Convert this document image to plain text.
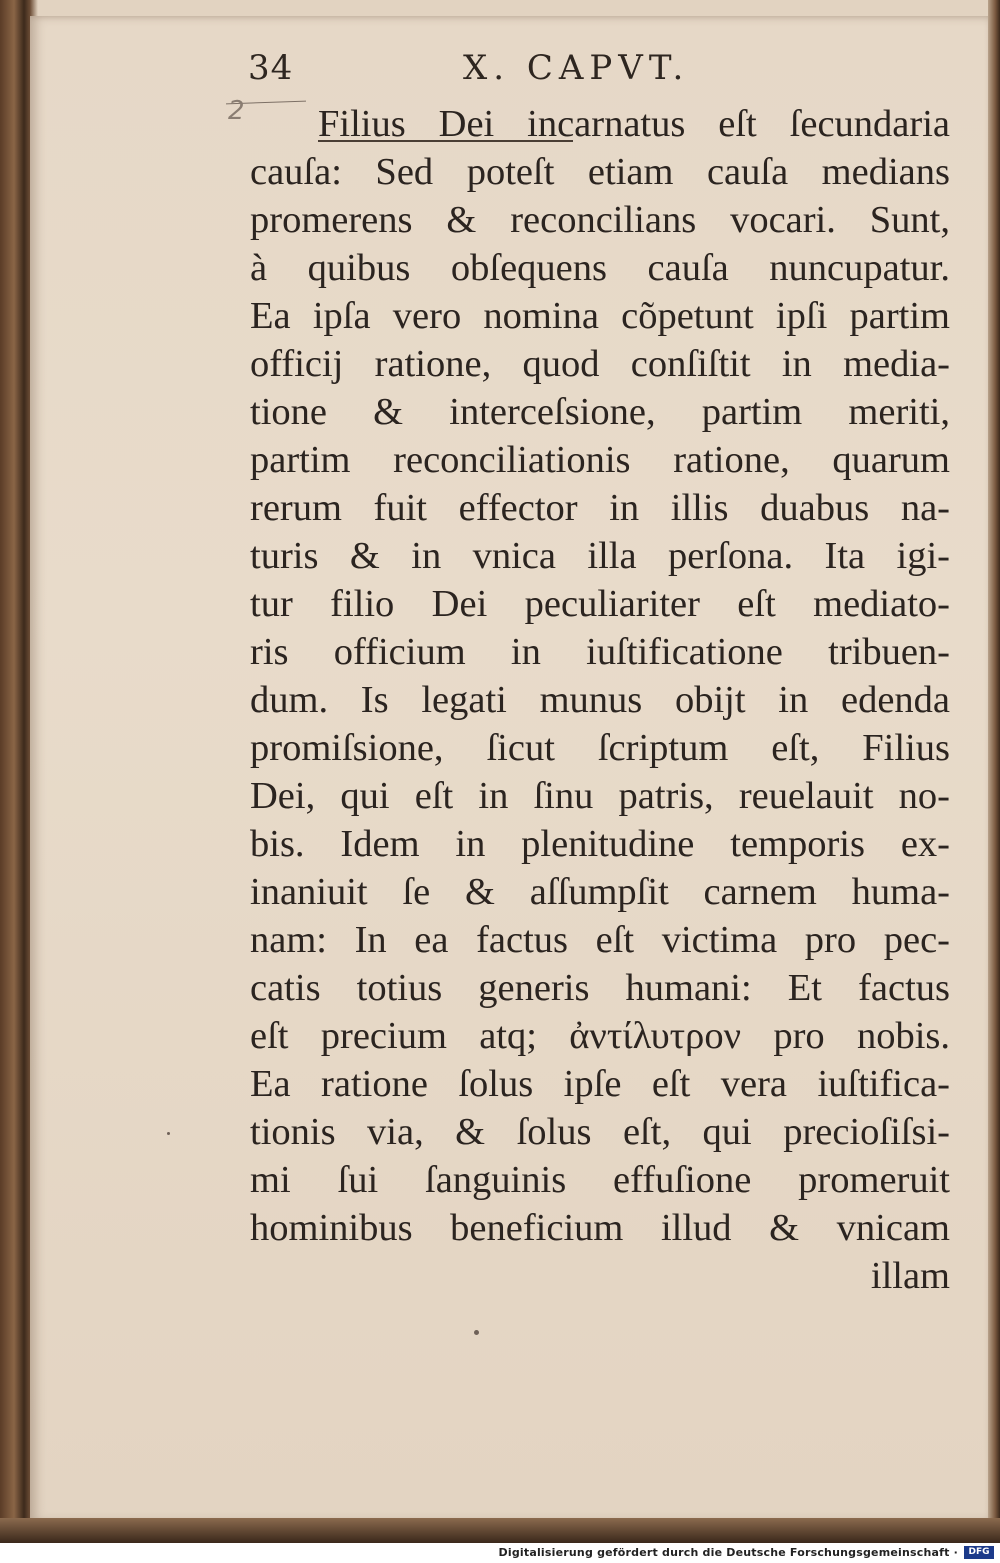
34	X. CAPVT.
2	Filius Dei incarnatus eſt ſecundaria
cauſa: Sed poteſt etiam cauſa medians
promerens & reconcilians vocari. Sunt,
à quibus obſequens cauſa nuncupatur.
Ea ipſa vero nomina cõpetunt ipſi partim
officij ratione, quod conſiſtit in media-
tione & interceſsione, partim meriti,
partim reconciliationis ratione, quarum
rerum fuit effector in illis duabus na-
turis & in vnica illa perſona. Ita igi-
tur filio Dei peculiariter eſt mediato-
ris officium in iuſtificatione tribuen-
dum. Is legati munus obijt in edenda
promiſsione, ſicut ſcriptum eſt, Filius
Dei, qui eſt in ſinu patris, reuelauit no-
bis. Idem in plenitudine temporis ex-
inaniuit ſe & aſſumpſit carnem huma-
nam: In ea factus eſt victima pro pec-
catis totius generis humani: Et factus
eſt precium atq; ἀντίλυτρον pro nobis.
Ea ratione ſolus ipſe eſt vera iuſtifica-
tionis via, & ſolus eſt, qui precioſiſsi-
mi ſui ſanguinis effuſione promeruit
hominibus beneficium illud & vnicam
illam
Digitalisierung gefördert durch die Deutsche Forschungsgemeinschaft ·	DFG
